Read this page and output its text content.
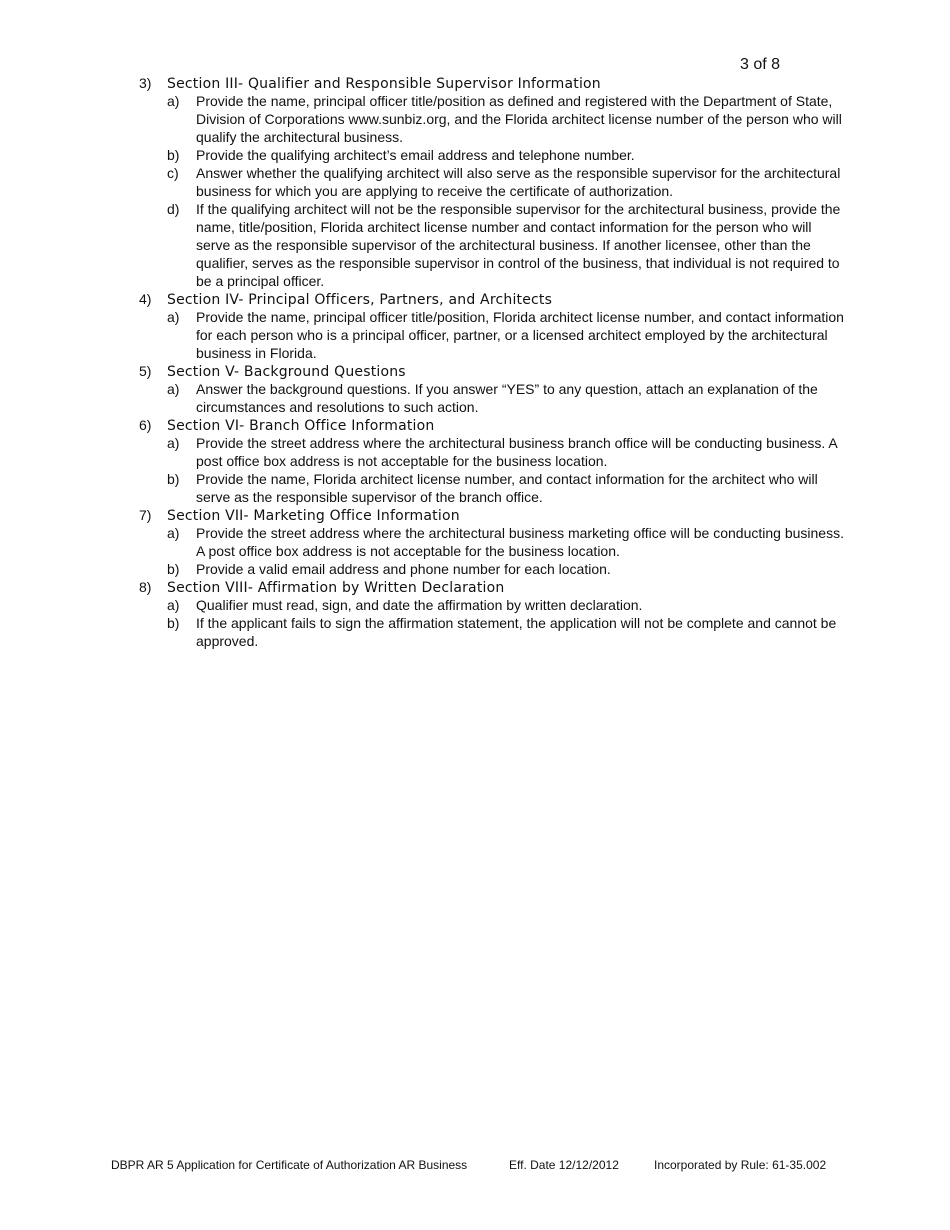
3 of 8
3)	Section III- Qualifier and Responsible Supervisor Information
a)	Provide the name, principal officer title/position as defined and registered with the Department of State, Division of Corporations www.sunbiz.org, and the Florida architect license number of the person who will qualify the architectural business.
b)	Provide the qualifying architect’s email address and telephone number.
c)	Answer whether the qualifying architect will also serve as the responsible supervisor for the architectural business for which you are applying to receive the certificate of authorization.
d)	If the qualifying architect will not be the responsible supervisor for the architectural business, provide the name, title/position, Florida architect license number and contact information for the person who will serve as the responsible supervisor of the architectural business. If another licensee, other than the qualifier, serves as the responsible supervisor in control of the business, that individual is not required to be a principal officer.
4)	Section IV- Principal Officers, Partners, and Architects
a)	Provide the name, principal officer title/position, Florida architect license number, and contact information for each person who is a principal officer, partner, or a licensed architect employed by the architectural business in Florida.
5)	Section V- Background Questions
a)	Answer the background questions. If you answer “YES” to any question, attach an explanation of the circumstances and resolutions to such action.
6)	Section VI- Branch Office Information
a)	Provide the street address where the architectural business branch office will be conducting business. A post office box address is not acceptable for the business location.
b)	Provide the name, Florida architect license number, and contact information for the architect who will serve as the responsible supervisor of the branch office.
7)	Section VII- Marketing Office Information
a)	Provide the street address where the architectural business marketing office will be conducting business. A post office box address is not acceptable for the business location.
b)	Provide a valid email address and phone number for each location.
8)	Section VIII- Affirmation by Written Declaration
a)	Qualifier must read, sign, and date the affirmation by written declaration.
b)	If the applicant fails to sign the affirmation statement, the application will not be complete and cannot be approved.
DBPR AR 5 Application for Certificate of Authorization AR Business	Eff. Date 12/12/2012	Incorporated by Rule: 61-35.002
